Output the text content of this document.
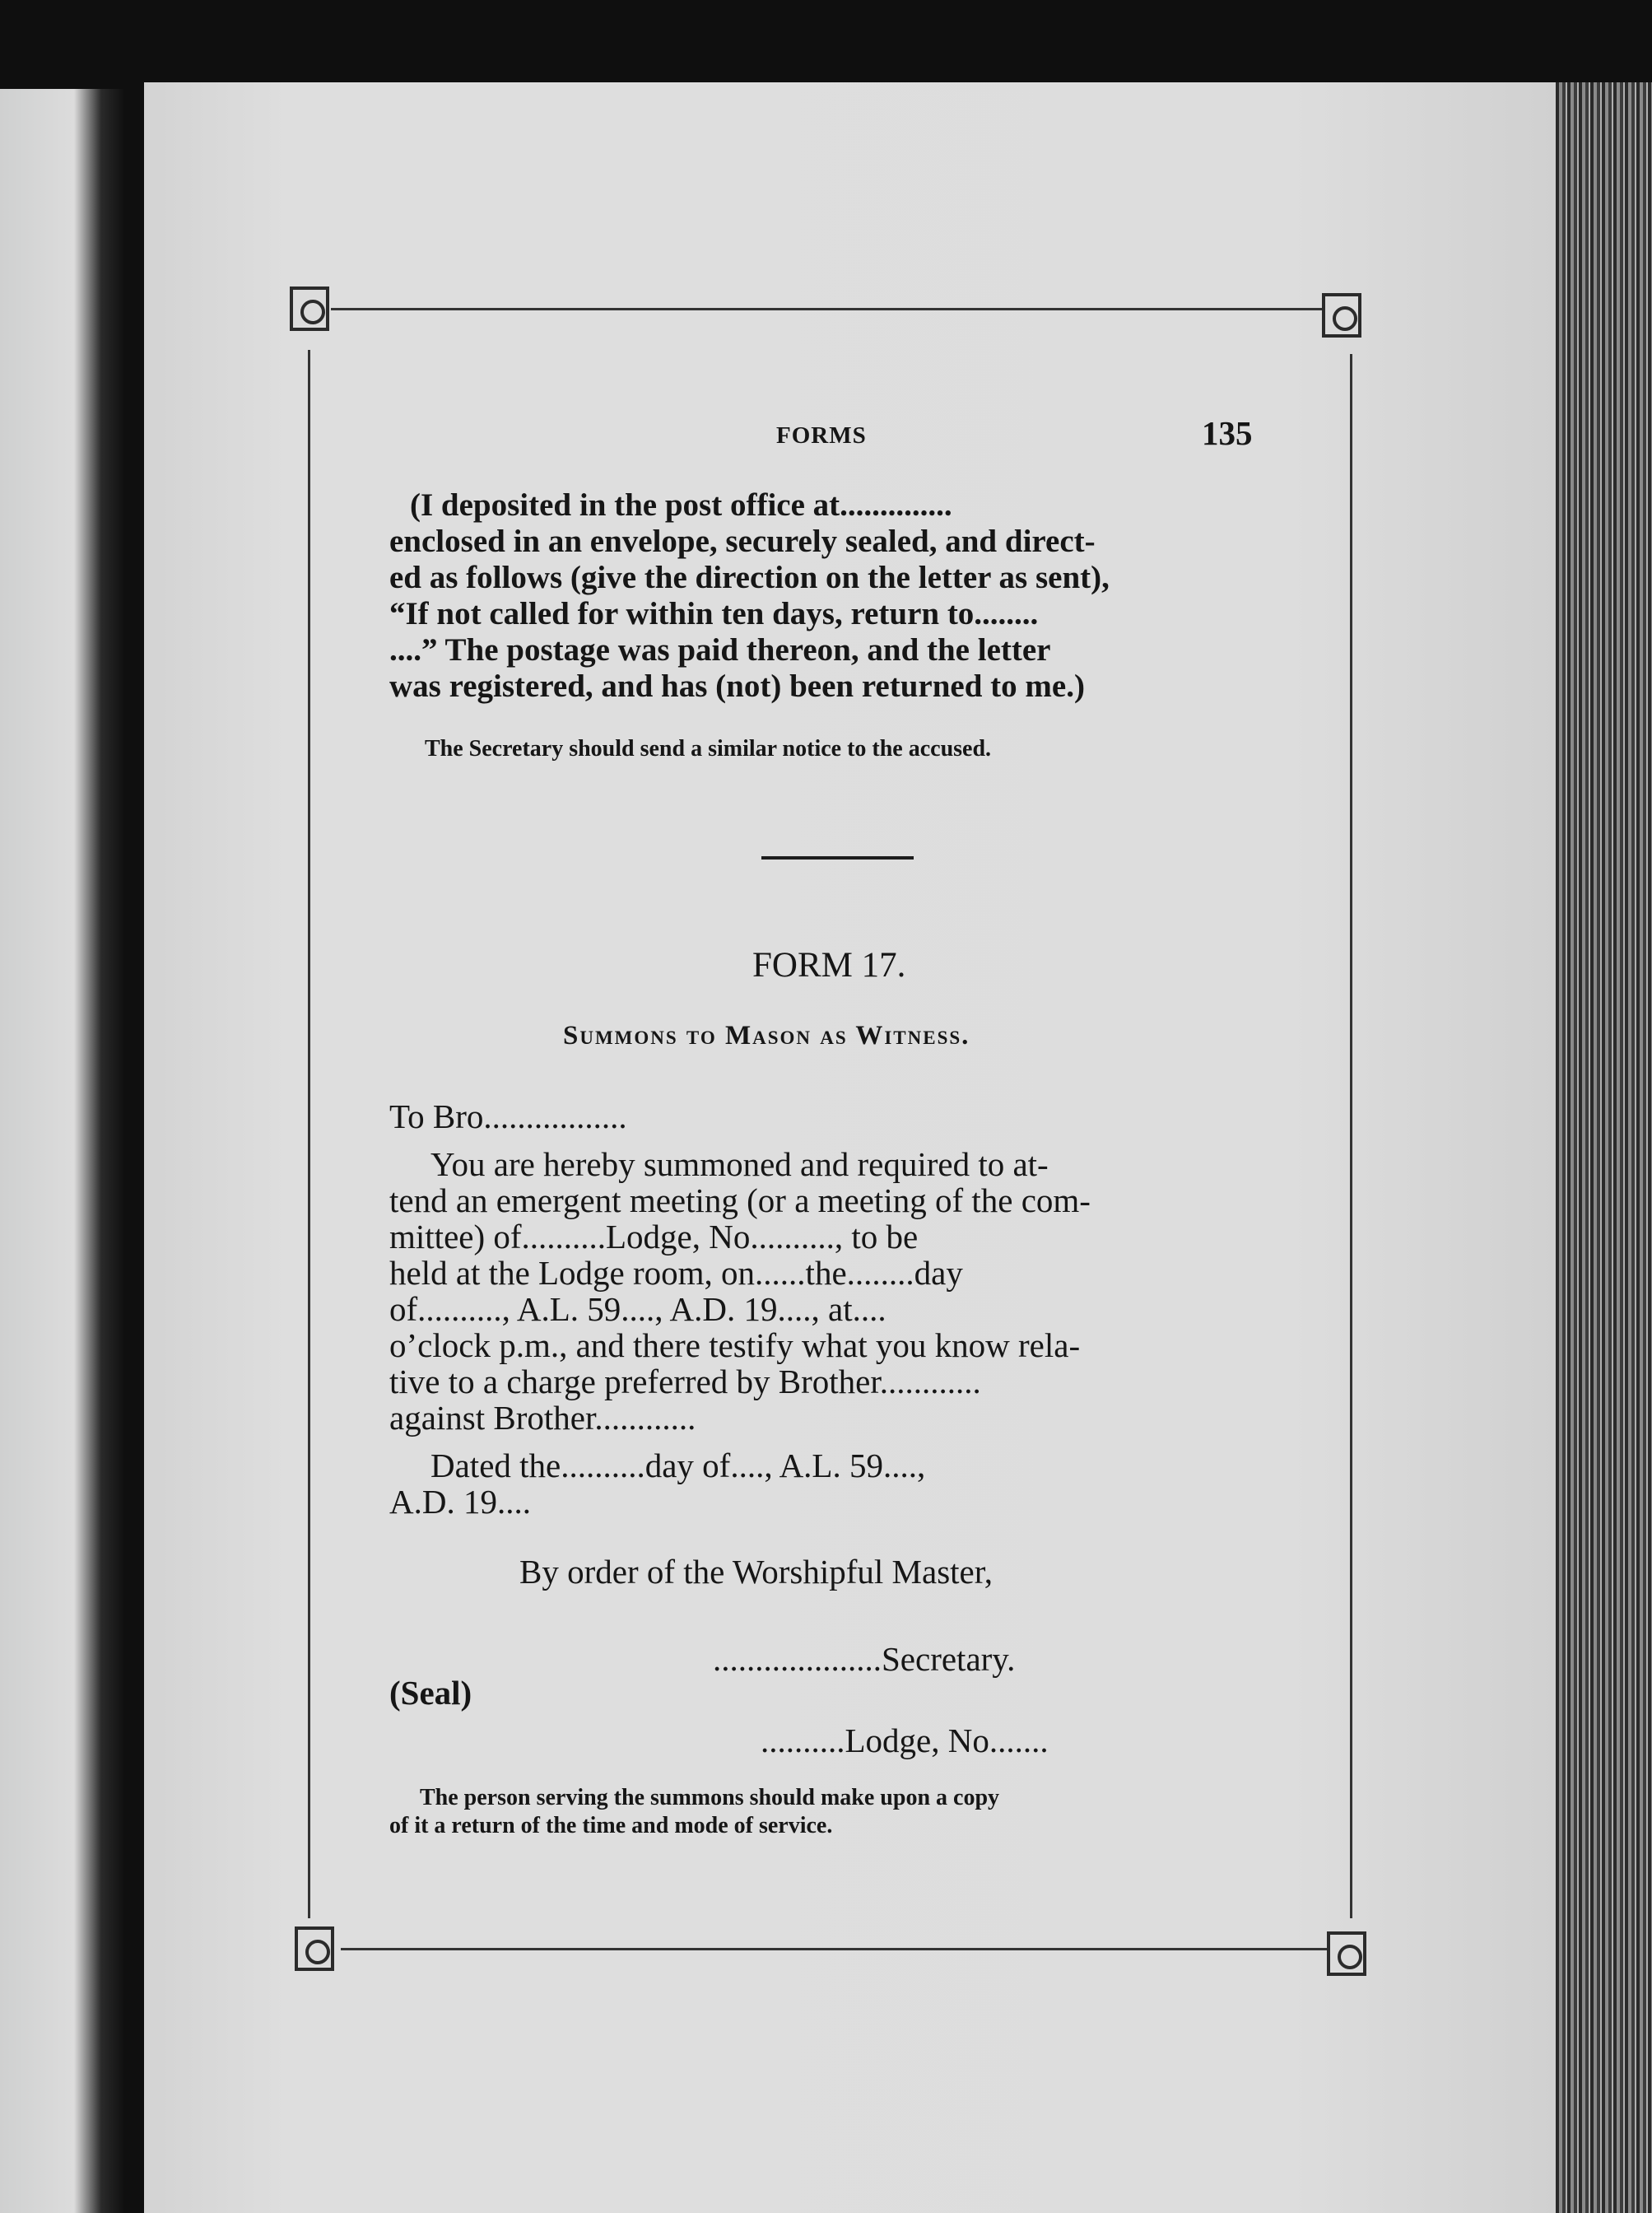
FORMS	135
(I deposited in the post office at..............
enclosed in an envelope, securely sealed, and direct-
ed as follows (give the direction on the letter as sent),
“If not called for within ten days, return to........
....” The postage was paid thereon, and the letter
was registered, and has (not) been returned to me.)
The Secretary should send a similar notice to the accused.
FORM 17.
Summons to Mason as Witness.
To Bro.................
You are hereby summoned and required to at-
tend an emergent meeting (or a meeting of the com-
mittee) of..........Lodge, No.........., to be
held at the Lodge room, on......the........day
of.........., A.L. 59...., A.D. 19...., at....
o’clock p.m., and there testify what you know rela-
tive to a charge preferred by Brother............
against Brother............
Dated the..........day of...., A.L. 59....,
A.D. 19....
By order of the Worshipful Master,
....................Secretary.
(Seal)
..........Lodge, No.......
The person serving the summons should make upon a copy
of it a return of the time and mode of service.
